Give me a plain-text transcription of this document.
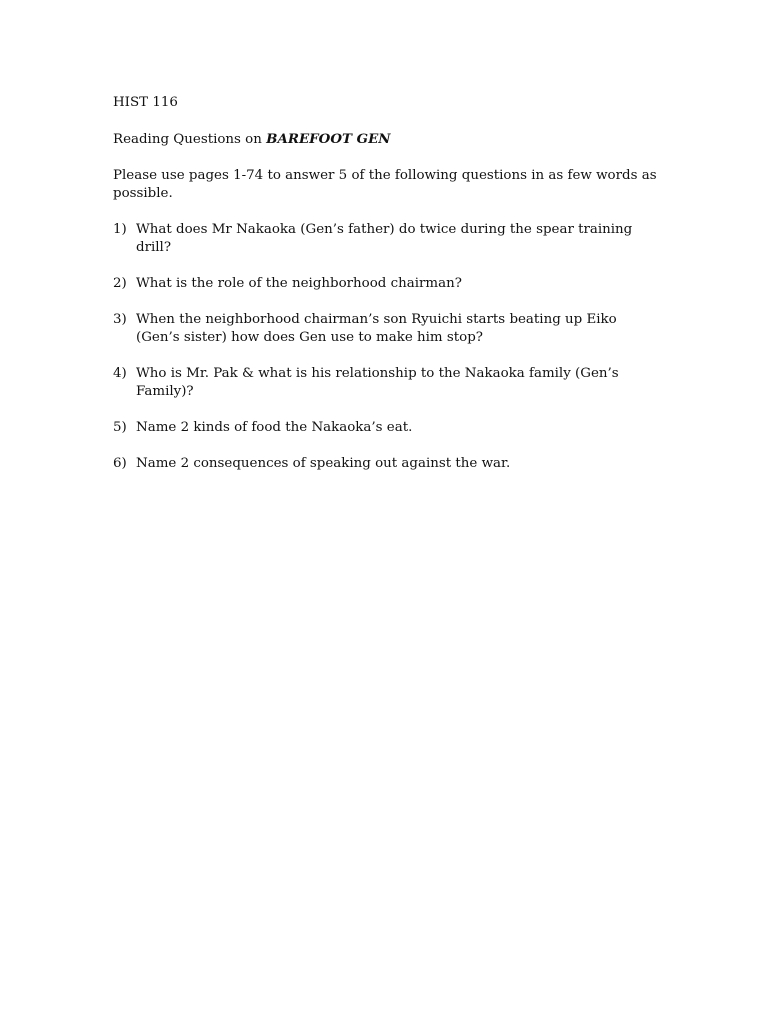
HIST 116

Reading Questions on BAREFOOT GEN

Please use pages 1-74 to answer 5 of the following questions in as few words as possible.

1) What does Mr Nakaoka (Gen’s father) do twice during the spear training drill?
2) What is the role of the neighborhood chairman?
3) When the neighborhood chairman’s son Ryuichi starts beating up Eiko (Gen’s sister) how does Gen use to make him stop?
4) Who is Mr. Pak & what is his relationship to the Nakaoka family (Gen’s Family)?
5) Name 2 kinds of food the Nakaoka’s eat.
6) Name 2 consequences of speaking out against the war.
